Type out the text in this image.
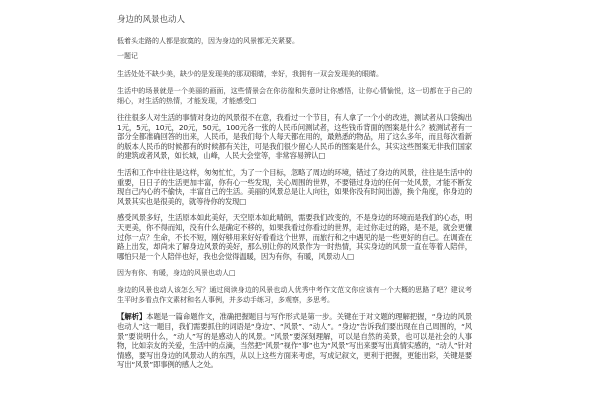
身边的风景也动人

低着头走路的人都是寂寞的，因为身边的风景都无关紧要。

一题记

生活处处不缺少美，缺少的是发现美的那双眼睛，幸好，我拥有一双会发现美的眼睛。

生活中的场景就是一个美丽的画面，这些情景会在你彷徨和失意时让你感悟，让你心情愉悦，这一切都在于自己的细心，对生活的热情，才能发现，才能感受□

往往很多人对生活的事情对身边的风景很不在意，我看过一个节目，有人拿了一个小的改进，测试者从口袋掏出1元，5元，10元，20元，50元，100元各一张的人民币问测试者，这些钱币背面的图案是什么？被测试者有一部分全都准确回答的出来，人民币，是我们每个人每天都在用的，最熟悉的物品，用了这么多年，而且每次看新的版本人民币的时候都有的时候都有关注，可是我们很少留心人民币的图案是什么，其实这些图案无非我们国家的建筑或者风景，如长城，山峰，人民大会堂等，非常容易辨认□

生活和工作中往往是这样，匆匆忙忙，为了一个目标，忽略了周边的环境，错过了身边的风景，往往是生活中的重要，日日子的生活更加丰富，你有心一些发现，关心周围的世界，不要错过身边的任何一处风景，才能不断发现自己内心的不偷快，丰富自己的生活。美丽的风景总是让人向往，如果你没有时间出游，换个角度，你身边的风景其实也是很美的，就等待你的发现□

感受风景多好，生活原本如此美好，天空原本如此晴朗，需要我们改变的，不是身边的环境而是我们的心态，明天更美，你不得而知，没有什么是确定不移的，如果我看过你看过的世界，走过你走过的路，是不是，就会更懂过你一点？生命，不长不短，刚好够用来好好看看这个世界，而旅行和之中遇见的是一些更好的自己。在调查在路上出发，却尚未了解身边风景的美好，那么别让你的风景作为一时热情，其实身边的风景一直在等着人陪伴，哪怕只是一个人陪伴也好，我也会觉得温暖，因为有你，有暖，风景动人□

因为有你、有暖，身边的风景也动人□

身边的风景也动人该怎么写？通过阅读身边的风景也动人优秀中考作文范文你应该有一个大概的思路了吧？建议考生平时多看点作文素材和名人事例，并多动手练习，多观察，多思考。

【解析】本题是一篇命题作文，准确把握题目与写作形式是第一步。关键在于对文题的理解把握，“身边的风景也动人”这一题目，我们需要抓住的词语是“身边”、“风景”、“动人”。“身边”告诉我们要出现在自己周围的，“风景”要说明什么，“动人”写的是感动人的风景。“风景”要深刻理解，可以是自然的美景，也可以是社会的人事物，比如亲友的关爱，生活中的点滴，当然把“风景”视作“事”也为“风景”写出来要写出真情实感的，“动人”针对情感，要写出身边的风景动人的东西，从以上这些方面来考虑，写成记叙文，更利于把握，更能出彩，关键是要写出“风景”即事例的感人之处。
